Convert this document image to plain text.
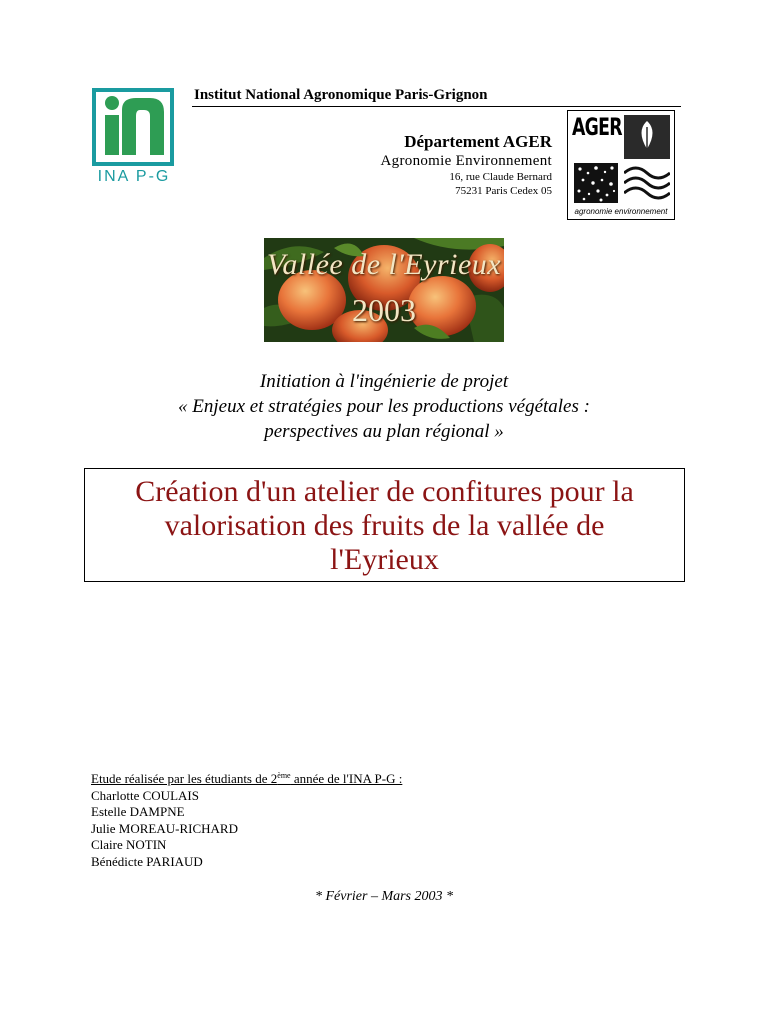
INA P-G
Institut National Agronomique Paris-Grignon
Département AGER
Agronomie Environnement
16, rue Claude Bernard
75231 Paris Cedex 05
AGER
agronomie environnement
Vallée de l'Eyrieux
2003
Initiation à l'ingénierie de projet
« Enjeux et stratégies pour les productions végétales :
perspectives au plan régional »
Création d'un atelier de confitures pour la
valorisation des fruits de la vallée de
l'Eyrieux
Etude réalisée par les étudiants de 2ème année de l'INA P-G :
Charlotte COULAIS
Estelle DAMPNE
Julie MOREAU-RICHARD
Claire NOTIN
Bénédicte PARIAUD
* Février – Mars 2003 *
